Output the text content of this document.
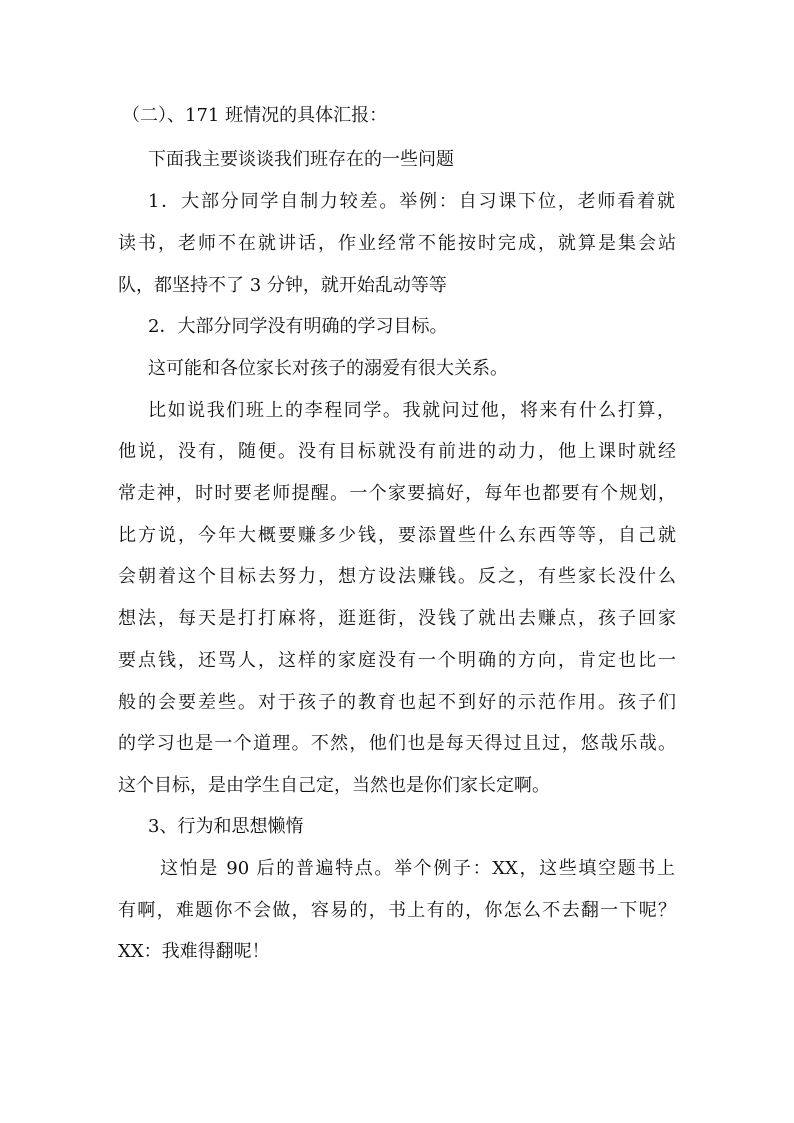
（二）、171 班情况的具体汇报：
下面我主要谈谈我们班存在的一些问题
1．大部分同学自制力较差。举例：自习课下位，老师看着就
读书，老师不在就讲话，作业经常不能按时完成，就算是集会站
队，都坚持不了 3 分钟，就开始乱动等等
2．大部分同学没有明确的学习目标。
这可能和各位家长对孩子的溺爱有很大关系。
比如说我们班上的李程同学。我就问过他，将来有什么打算，
他说，没有，随便。没有目标就没有前进的动力，他上课时就经
常走神，时时要老师提醒。一个家要搞好，每年也都要有个规划，
比方说，今年大概要赚多少钱，要添置些什么东西等等，自己就
会朝着这个目标去努力，想方设法赚钱。反之，有些家长没什么
想法，每天是打打麻将，逛逛街，没钱了就出去赚点，孩子回家
要点钱，还骂人，这样的家庭没有一个明确的方向，肯定也比一
般的会要差些。对于孩子的教育也起不到好的示范作用。孩子们
的学习也是一个道理。不然，他们也是每天得过且过，悠哉乐哉。
这个目标，是由学生自己定，当然也是你们家长定啊。
3、行为和思想懒惰
这怕是 90 后的普遍特点。举个例子：XX，这些填空题书上
有啊，难题你不会做，容易的，书上有的，你怎么不去翻一下呢？
XX：我难得翻呢！
